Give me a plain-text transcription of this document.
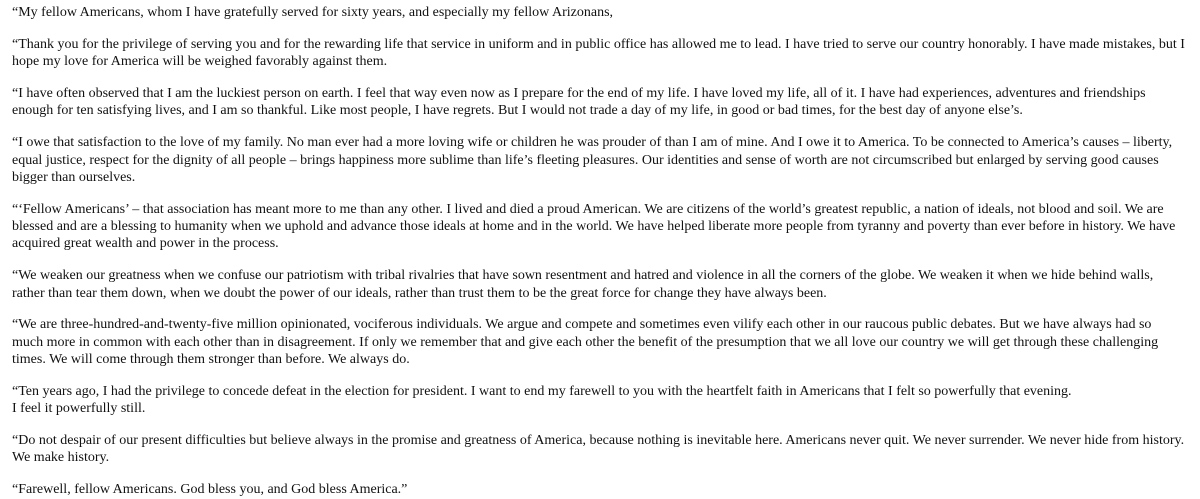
“My fellow Americans, whom I have gratefully served for sixty years, and especially my fellow Arizonans,

“Thank you for the privilege of serving you and for the rewarding life that service in uniform and in public office has allowed me to lead. I have tried to serve our country honorably. I have made mistakes, but I hope my love for America will be weighed favorably against them.

“I have often observed that I am the luckiest person on earth. I feel that way even now as I prepare for the end of my life. I have loved my life, all of it. I have had experiences, adventures and friendships enough for ten satisfying lives, and I am so thankful. Like most people, I have regrets. But I would not trade a day of my life, in good or bad times, for the best day of anyone else’s.

“I owe that satisfaction to the love of my family. No man ever had a more loving wife or children he was prouder of than I am of mine. And I owe it to America. To be connected to America’s causes – liberty, equal justice, respect for the dignity of all people – brings happiness more sublime than life’s fleeting pleasures. Our identities and sense of worth are not circumscribed but enlarged by serving good causes bigger than ourselves.

“‘Fellow Americans’ – that association has meant more to me than any other. I lived and died a proud American. We are citizens of the world’s greatest republic, a nation of ideals, not blood and soil. We are blessed and are a blessing to humanity when we uphold and advance those ideals at home and in the world. We have helped liberate more people from tyranny and poverty than ever before in history. We have acquired great wealth and power in the process.

“We weaken our greatness when we confuse our patriotism with tribal rivalries that have sown resentment and hatred and violence in all the corners of the globe. We weaken it when we hide behind walls, rather than tear them down, when we doubt the power of our ideals, rather than trust them to be the great force for change they have always been.

“We are three-hundred-and-twenty-five million opinionated, vociferous individuals. We argue and compete and sometimes even vilify each other in our raucous public debates. But we have always had so much more in common with each other than in disagreement. If only we remember that and give each other the benefit of the presumption that we all love our country we will get through these challenging times. We will come through them stronger than before. We always do.

“Ten years ago, I had the privilege to concede defeat in the election for president. I want to end my farewell to you with the heartfelt faith in Americans that I felt so powerfully that evening.
I feel it powerfully still.

“Do not despair of our present difficulties but believe always in the promise and greatness of America, because nothing is inevitable here. Americans never quit. We never surrender. We never hide from history. We make history.

“Farewell, fellow Americans. God bless you, and God bless America.”
